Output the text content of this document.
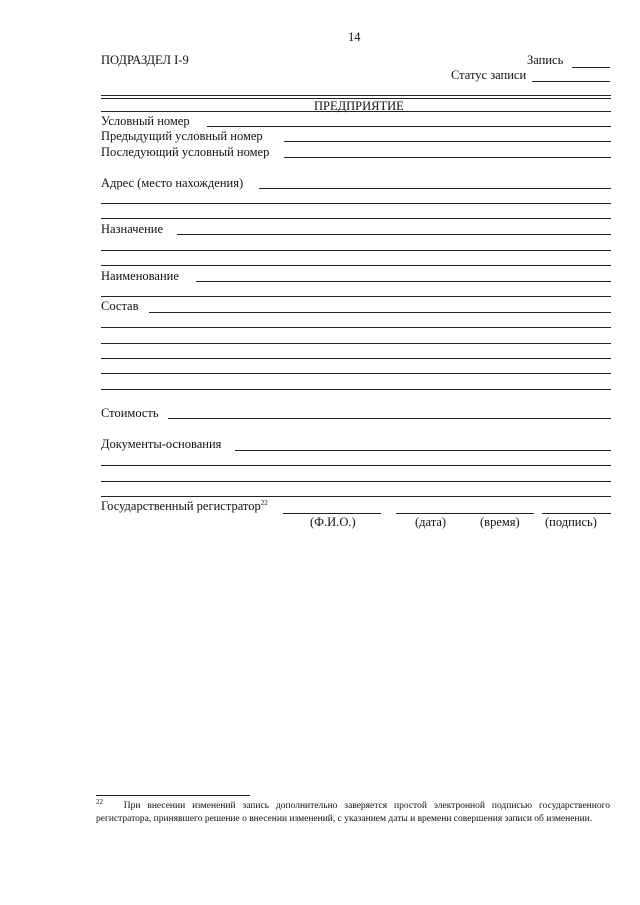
14
ПОДРАЗДЕЛ I-9	Запись
Статус записи
ПРЕДПРИЯТИЕ
Условный номер
Предыдущий условный номер
Последующий условный номер
Адрес (место нахождения)
Назначение
Наименование
Состав
Стоимость
Документы-основания
Государственный регистратор$^{22}$
(Ф.И.О.)	(дата)	(время) (подпись)
$^{22}$ При внесении изменений запись дополнительно заверяется простой электронной подписью государственного регистратора, принявшего решение о внесении изменений, с указанием даты и времени совершения записи об изменении.
